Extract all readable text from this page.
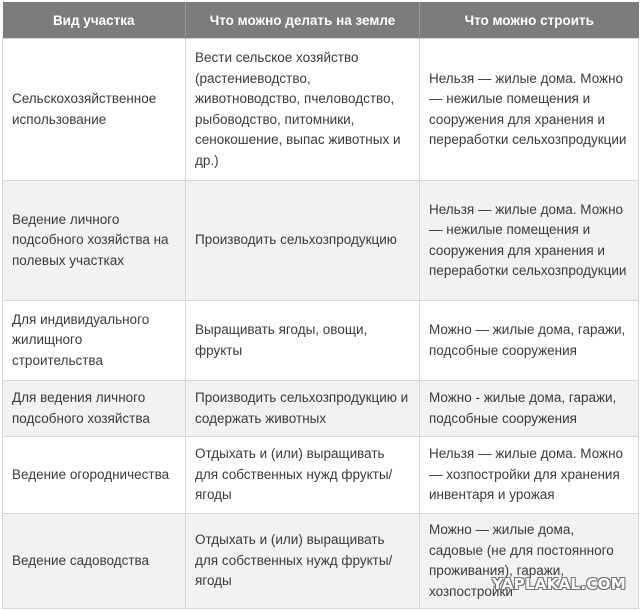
Вид участка	Что можно делать на земле	Что можно строить
Сельскохозяйственное использование	Вести сельское хозяйство (растениеводство, животноводство, пчеловодство, рыбоводство, питомники, сенокошение, выпас животных и др.)	Нельзя — жилые дома. Можно — нежилые помещения и сооружения для хранения и переработки сельхозпродукции
Ведение личного подсобного хозяйства на полевых участках	Производить сельхозпродукцию	Нельзя — жилые дома. Можно — нежилые помещения и сооружения для хранения и переработки сельхозпродукции
Для индивидуального жилищного строительства	Выращивать ягоды, овощи, фрукты	Можно — жилые дома, гаражи, подсобные сооружения
Для ведения личного подсобного хозяйства	Производить сельхозпродукцию и содержать животных	Можно - жилые дома, гаражи, подсобные сооружения
Ведение огородничества	Отдыхать и (или) выращивать для собственных нужд фрукты/ ягоды	Нельзя — жилые дома. Можно — хозпостройки для хранения инвентаря и урожая
Ведение садоводства	Отдыхать и (или) выращивать для собственных нужд фрукты/ ягоды	Можно — жилые дома, садовые (не для постоянного проживания), гаражи, хозпостройки
YAPLAKAL.COM
